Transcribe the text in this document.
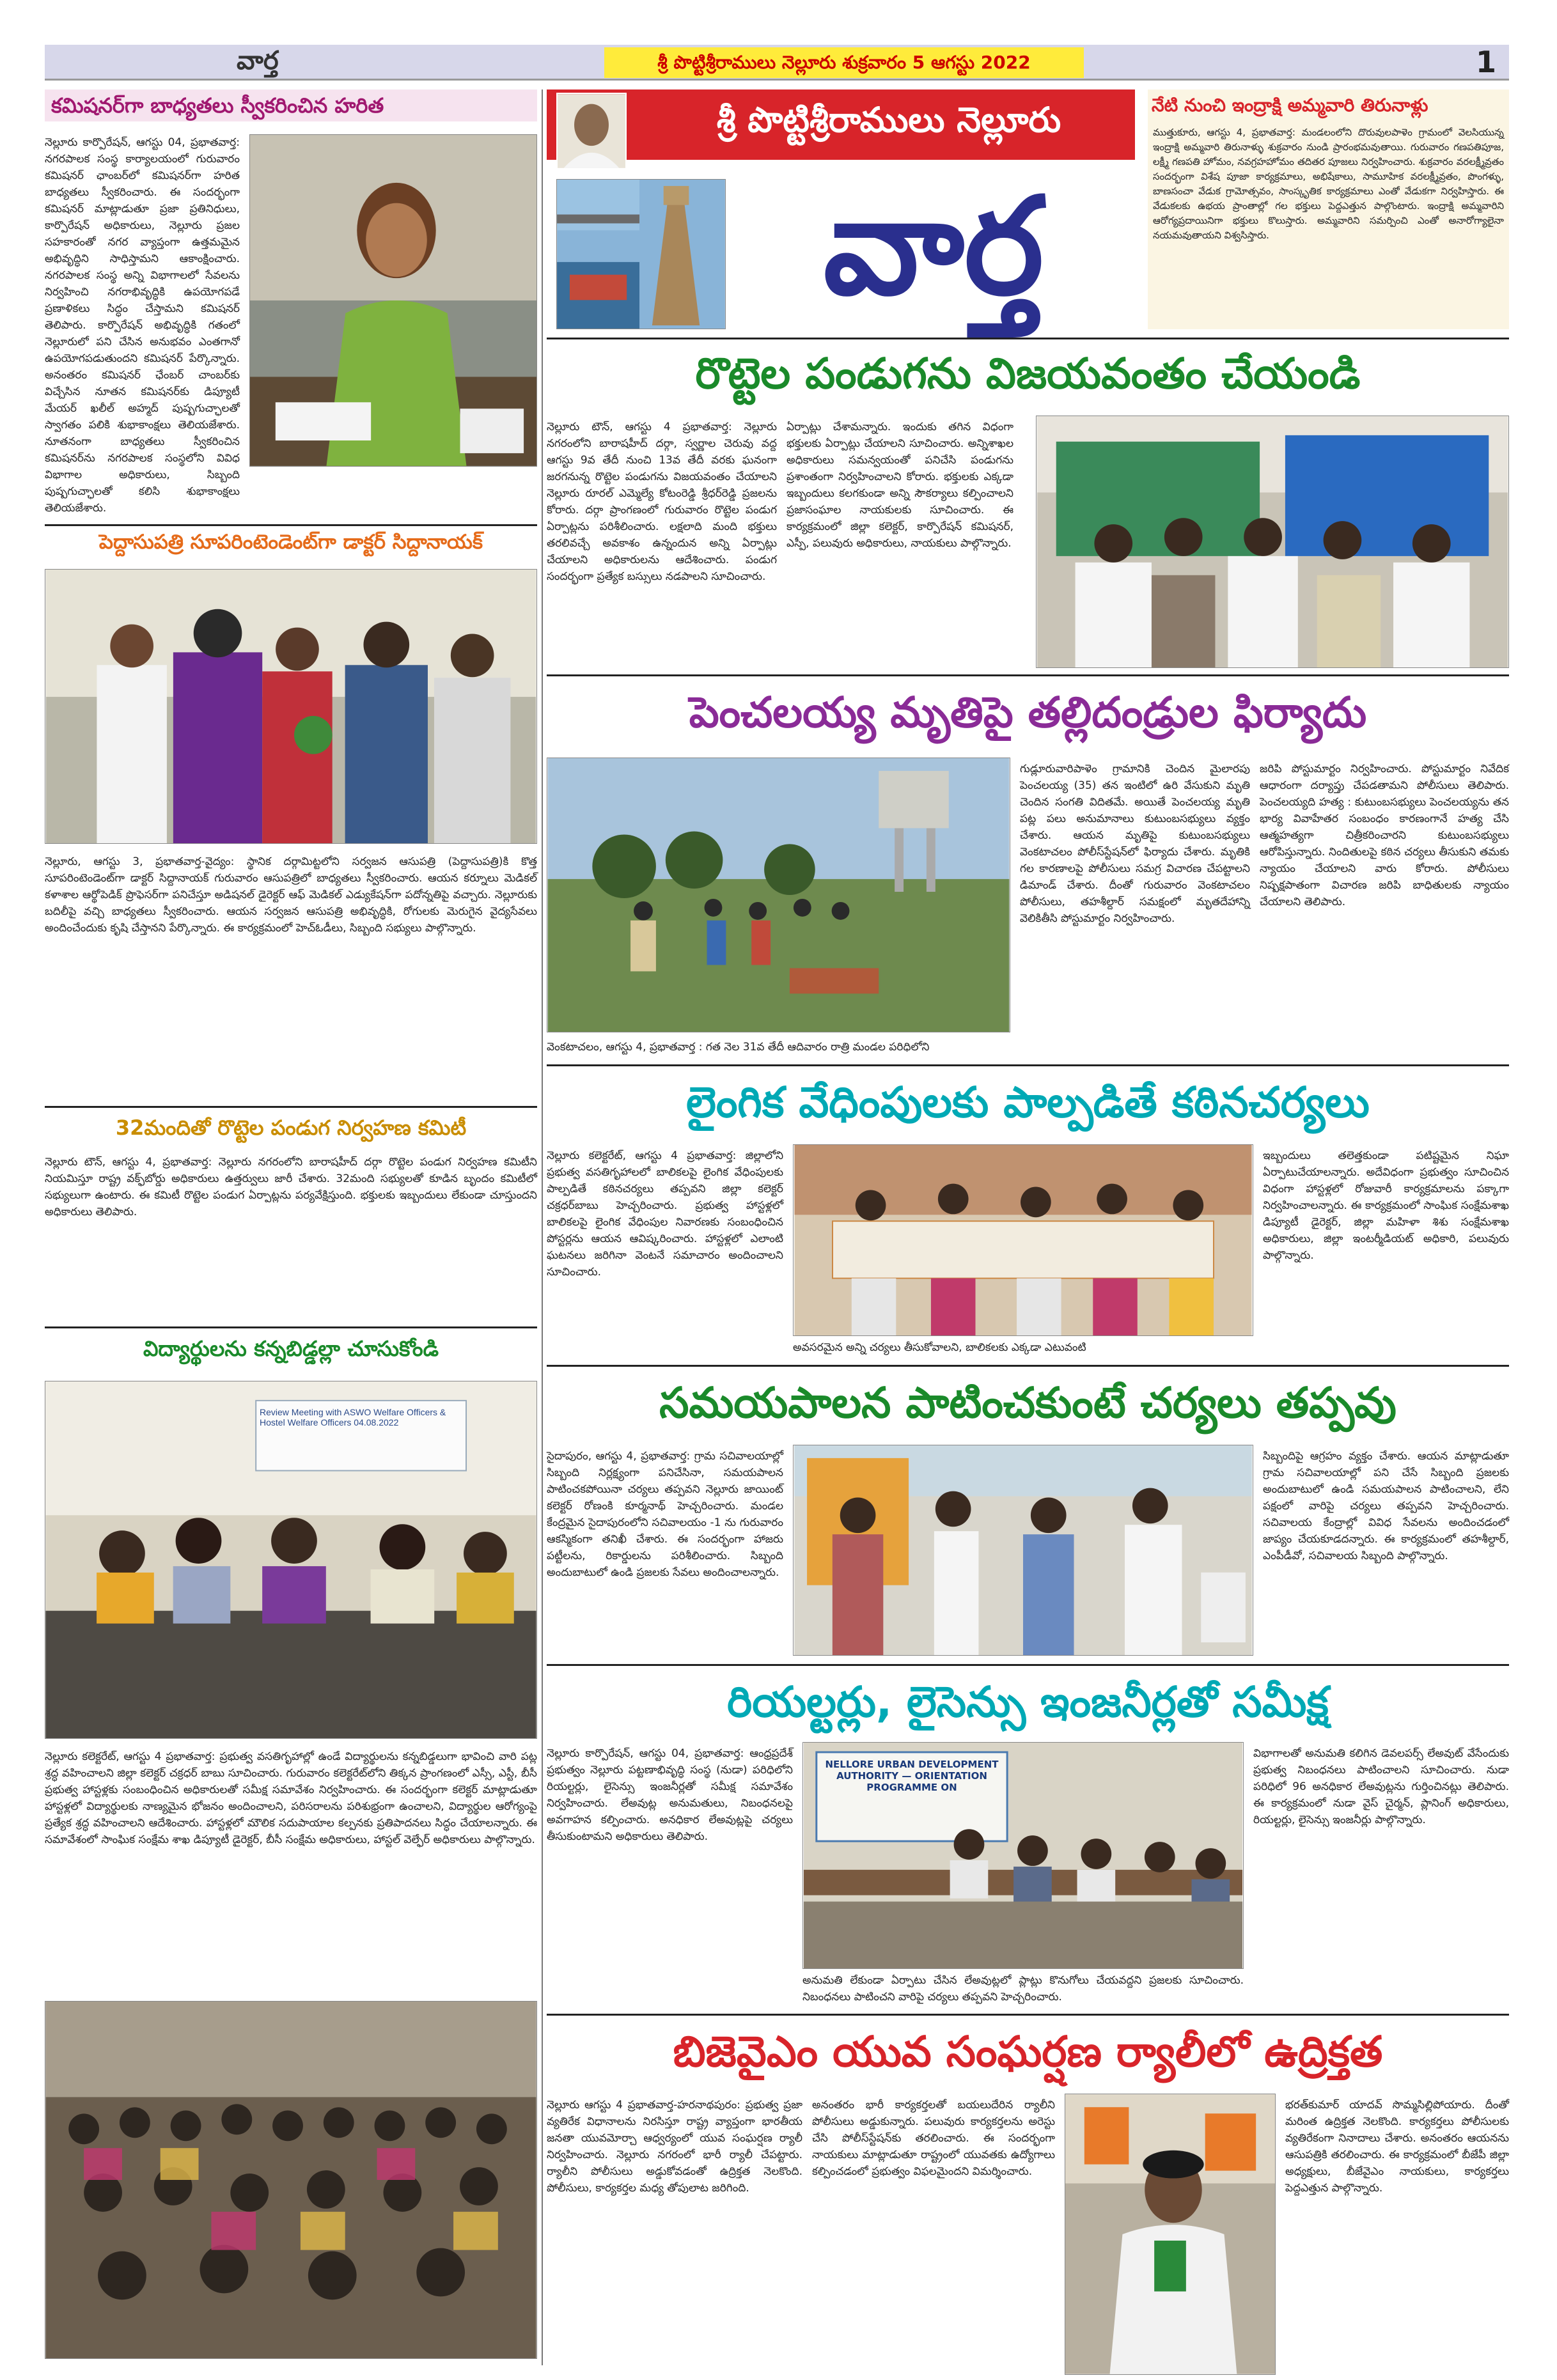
వార్త	శ్రీ పొట్టిశ్రీరాములు నెల్లూరు శుక్రవారం 5 ఆగస్టు 2022	1
కమిషనర్‌గా బాధ్యతలు స్వీకరించిన హరిత
నెల్లూరు కార్పొరేషన్, ఆగస్టు 04, ప్రభాతవార్త: నగరపాలక సంస్థ కార్యాలయంలో గురువారం కమిషనర్‌ ఛాంబర్‌లో కమిషనర్‌గా హరిత బాధ్యతలు స్వీకరించారు. ఈ సందర్భంగా కమిషనర్ మాట్లాడుతూ ప్రజా ప్రతినిధులు, కార్పొరేషన్ అధికారులు, నెల్లూరు ప్రజల సహకారంతో నగర వ్యాప్తంగా ఉత్తమమైన అభివృద్ధిని సాధిస్తామని ఆకాంక్షించారు. నగరపాలక సంస్థ అన్ని విభాగాలలో సేవలను నిర్వహించి నగరాభివృద్ధికి ఉపయోగపడే ప్రణాళికలు సిద్ధం చేస్తామని కమిషనర్ తెలిపారు. కార్పొరేషన్ అభివృద్ధికి గతంలో నెల్లూరులో పని చేసిన అనుభవం ఎంతగానో ఉపయోగపడుతుందని కమిషనర్ పేర్కొన్నారు. అనంతరం కమిషనర్ ఛేంబర్ చాంబర్‌కు విచ్చేసిన నూతన కమిషనర్‌కు డిప్యూటీ మేయర్ ఖలీల్ అహ్మద్ పుష్పగుచ్ఛాలతో స్వాగతం పలికి శుభాకాంక్షలు తెలియజేశారు. నూతనంగా బాధ్యతలు స్వీకరించిన కమిషనర్‌ను నగరపాలక సంస్థలోని వివిధ విభాగాల అధికారులు, సిబ్బంది పుష్పగుచ్ఛాలతో కలిసి శుభాకాంక్షలు తెలియజేశారు.
పెద్దాసుపత్రి సూపరింటెండెంట్‌గా డాక్టర్ సిద్దానాయక్
నెల్లూరు, ఆగస్టు 3, ప్రభాతవార్త-వైద్యం: స్థానిక దర్గామిట్టలోని సర్వజన ఆసుపత్రి (పెద్దాసుపత్రి)కి కొత్త సూపరింటెండెంట్‌గా డాక్టర్ సిద్దానాయక్ గురువారం ఆసుపత్రిలో బాధ్యతలు స్వీకరించారు. ఆయన కర్నూలు మెడికల్ కళాశాల ఆర్థోపెడిక్ ప్రొఫెసర్‌గా పనిచేస్తూ అడిషనల్ డైరెక్టర్ ఆఫ్ మెడికల్ ఎడ్యుకేషన్‌గా పదోన్నతిపై వచ్చారు. నెల్లూరుకు బదిలీపై వచ్చి బాధ్యతలు స్వీకరించారు. ఆయన సర్వజన ఆసుపత్రి అభివృద్ధికి, రోగులకు మెరుగైన వైద్యసేవలు అందించేందుకు కృషి చేస్తానని పేర్కొన్నారు. ఈ కార్యక్రమంలో హెచ్‌ఓడీలు, సిబ్బంది సభ్యులు పాల్గొన్నారు.
32మందితో రొట్టెల పండుగ నిర్వహణ కమిటీ
నెల్లూరు టౌన్, ఆగస్టు 4, ప్రభాతవార్త: నెల్లూరు నగరంలోని బారాషహీద్ దర్గా రొట్టెల పండుగ నిర్వహణ కమిటీని నియమిస్తూ రాష్ట్ర వక్ఫ్‌బోర్డు అధికారులు ఉత్తర్వులు జారీ చేశారు. 32మంది సభ్యులతో కూడిన బృందం కమిటీలో సభ్యులుగా ఉంటారు. ఈ కమిటీ రొట్టెల పండుగ ఏర్పాట్లను పర్యవేక్షిస్తుంది. భక్తులకు ఇబ్బందులు లేకుండా చూస్తుందని అధికారులు తెలిపారు.
విద్యార్థులను కన్నబిడ్డల్లా చూసుకోండి
Review Meeting with ASWO Welfare Officers & Hostel Welfare Officers 04.08.2022
నెల్లూరు కలెక్టరేట్, ఆగస్టు 4 ప్రభాతవార్త: ప్రభుత్వ వసతిగృహాల్లో ఉండే విద్యార్థులను కన్నబిడ్డలుగా భావించి వారి పట్ల శ్రద్ధ వహించాలని జిల్లా కలెక్టర్ చక్రధర్ బాబు సూచించారు. గురువారం కలెక్టరేట్‌లోని తిక్కన ప్రాంగణంలో ఎస్సీ, ఎస్టీ, బీసీ ప్రభుత్వ హాస్టళ్లకు సంబంధించిన అధికారులతో సమీక్ష సమావేశం నిర్వహించారు. ఈ సందర్భంగా కలెక్టర్ మాట్లాడుతూ హాస్టళ్లలో విద్యార్థులకు నాణ్యమైన భోజనం అందించాలని, పరిసరాలను పరిశుభ్రంగా ఉంచాలని, విద్యార్థుల ఆరోగ్యంపై ప్రత్యేక శ్రద్ధ వహించాలని ఆదేశించారు. హాస్టళ్లలో మౌలిక సదుపాయాల కల్పనకు ప్రతిపాదనలు సిద్ధం చేయాలన్నారు. ఈ సమావేశంలో సాంఘిక సంక్షేమ శాఖ డిప్యూటీ డైరెక్టర్, బీసీ సంక్షేమ అధికారులు, హాస్టల్ వెల్ఫేర్ అధికారులు పాల్గొన్నారు.
శ్రీ పొట్టిశ్రీరాములు నెల్లూరు
వార్త
నేటి నుంచి ఇంద్రాక్షి అమ్మవారి తిరునాళ్లు
ముత్తుకూరు, ఆగస్టు 4, ప్రభాతవార్త: మండలంలోని దొరువులపాళెం గ్రామంలో వెలసియున్న ఇంద్రాక్షి అమ్మవారి తిరునాళ్ళు శుక్రవారం నుండి ప్రారంభమవుతాయి. గురువారం గణపతిపూజ, లక్ష్మీ గణపతి హోమం, నవగ్రహహోమం తదితర పూజలు నిర్వహించారు. శుక్రవారం వరలక్ష్మీవ్రతం సందర్భంగా విశేష పూజా కార్యక్రమాలు, అభిషేకాలు, సామూహిక వరలక్ష్మీవ్రతం, పొంగళ్ళు, బాణసంచా వేడుక గ్రామోత్సవం, సాంస్కృతిక కార్యక్రమాలు ఎంతో వేడుకగా నిర్వహిస్తారు. ఈ వేడుకలకు ఉభయ ప్రాంతాల్లో గల భక్తులు పెద్దఎత్తున పాల్గొంటారు. ఇంద్రాక్షి అమ్మవారిని ఆరోగ్యప్రదాయినిగా భక్తులు కొలుస్తారు. అమ్మవారిని సమర్పించి ఎంతో అనారోగ్యాలైనా నయమవుతాయని విశ్వసిస్తారు.
రొట్టెల పండుగను విజయవంతం చేయండి
నెల్లూరు టౌన్, ఆగస్టు 4 ప్రభాతవార్త: నెల్లూరు నగరంలోని బారాషహీద్ దర్గా, స్వర్ణాల చెరువు వద్ద ఆగస్టు 9వ తేదీ నుంచి 13వ తేదీ వరకు ఘనంగా జరగనున్న రొట్టెల పండుగను విజయవంతం చేయాలని నెల్లూరు రూరల్ ఎమ్మెల్యే కోటంరెడ్డి శ్రీధర్‌రెడ్డి ప్రజలను కోరారు. దర్గా ప్రాంగణంలో గురువారం రొట్టెల పండుగ ఏర్పాట్లను పరిశీలించారు. లక్షలాది మంది భక్తులు తరలివచ్చే అవకాశం ఉన్నందున అన్ని ఏర్పాట్లు చేయాలని అధికారులను ఆదేశించారు. పండుగ సందర్భంగా ప్రత్యేక బస్సులు నడపాలని సూచించారు.
ఏర్పాట్లు చేశామన్నారు. ఇందుకు తగిన విధంగా భక్తులకు ఏర్పాట్లు చేయాలని సూచించారు. అన్నిశాఖల అధికారులు సమన్వయంతో పనిచేసి పండుగను ప్రశాంతంగా నిర్వహించాలని కోరారు. భక్తులకు ఎక్కడా ఇబ్బందులు కలగకుండా అన్ని సౌకర్యాలు కల్పించాలని ప్రజాసంఘాల నాయకులకు సూచించారు. ఈ కార్యక్రమంలో జిల్లా కలెక్టర్, కార్పొరేషన్ కమిషనర్, ఎస్పీ, పలువురు అధికారులు, నాయకులు పాల్గొన్నారు.
పెంచలయ్య మృతిపై తల్లిదండ్రుల ఫిర్యాదు
వెంకటాచలం, ఆగస్టు 4, ప్రభాతవార్త : గత నెల 31వ తేదీ ఆదివారం రాత్రి మండల పరిధిలోని
గుడ్లూరువారిపాళెం గ్రామానికి చెందిన మైలారపు పెంచలయ్య (35) తన ఇంటిలో ఉరి వేసుకుని మృతి చెందిన సంగతి విదితమే. అయితే పెంచలయ్య మృతి పట్ల పలు అనుమానాలు కుటుంబసభ్యులు వ్యక్తం చేశారు. ఆయన మృతిపై కుటుంబసభ్యులు వెంకటాచలం పోలీస్‌స్టేషన్‌లో ఫిర్యాదు చేశారు. మృతికి గల కారణాలపై పోలీసులు సమగ్ర విచారణ చేపట్టాలని డిమాండ్ చేశారు. దీంతో గురువారం వెంకటాచలం పోలీసులు, తహశీల్దార్ సమక్షంలో మృతదేహాన్ని వెలికితీసి పోస్టుమార్టం నిర్వహించారు.
జరిపి పోస్టుమార్టం నిర్వహించారు. పోస్టుమార్టం నివేదిక ఆధారంగా దర్యాప్తు చేపడతామని పోలీసులు తెలిపారు. పెంచలయ్యది హత్య : కుటుంబసభ్యులు పెంచలయ్యను తన భార్య వివాహేతర సంబంధం కారణంగానే హత్య చేసి ఆత్మహత్యగా చిత్రీకరించారని కుటుంబసభ్యులు ఆరోపిస్తున్నారు. నిందితులపై కఠిన చర్యలు తీసుకుని తమకు న్యాయం చేయాలని వారు కోరారు. పోలీసులు నిష్పక్షపాతంగా విచారణ జరిపి బాధితులకు న్యాయం చేయాలని తెలిపారు.
లైంగిక వేధింపులకు పాల్పడితే కఠినచర్యలు
నెల్లూరు కలెక్టరేట్, ఆగస్టు 4 ప్రభాతవార్త: జిల్లాలోని ప్రభుత్వ వసతిగృహాలలో బాలికలపై లైంగిక వేధింపులకు పాల్పడితే కఠినచర్యలు తప్పవని జిల్లా కలెక్టర్ చక్రధర్‌బాబు హెచ్చరించారు. ప్రభుత్వ హాస్టళ్లలో బాలికలపై లైంగిక వేధింపుల నివారణకు సంబంధించిన పోస్టర్లను ఆయన ఆవిష్కరించారు. హాస్టళ్లలో ఎలాంటి ఘటనలు జరిగినా వెంటనే సమాచారం అందించాలని సూచించారు.
అవసరమైన అన్ని చర్యలు తీసుకోవాలని, బాలికలకు ఎక్కడా ఎటువంటి
ఇబ్బందులు తలెత్తకుండా పటిష్టమైన నిఘా ఏర్పాటుచేయాలన్నారు. అదేవిధంగా ప్రభుత్వం సూచించిన విధంగా హాస్టళ్లలో రోజువారీ కార్యక్రమాలను పక్కాగా నిర్వహించాలన్నారు. ఈ కార్యక్రమంలో సాంఘిక సంక్షేమశాఖ డిప్యూటీ డైరెక్టర్, జిల్లా మహిళా శిశు సంక్షేమశాఖ అధికారులు, జిల్లా ఇంటర్మీడియట్ అధికారి, పలువురు పాల్గొన్నారు.
సమయపాలన పాటించకుంటే చర్యలు తప్పవు
సైదాపురం, ఆగస్టు 4, ప్రభాతవార్త: గ్రామ సచివాలయాల్లో సిబ్బంది నిర్లక్ష్యంగా పనిచేసినా, సమయపాలన పాటించకపోయినా చర్యలు తప్పవని నెల్లూరు జాయింట్ కలెక్టర్ రోణంకి కూర్మనాథ్ హెచ్చరించారు. మండల కేంద్రమైన సైదాపురంలోని సచివాలయం -1 ను గురువారం ఆకస్మికంగా తనిఖీ చేశారు. ఈ సందర్భంగా హాజరు పట్టీలను, రికార్డులను పరిశీలించారు. సిబ్బంది అందుబాటులో ఉండి ప్రజలకు సేవలు అందించాలన్నారు.
సిబ్బందిపై ఆగ్రహం వ్యక్తం చేశారు. ఆయన మాట్లాడుతూ గ్రామ సచివాలయాల్లో పని చేసే సిబ్బంది ప్రజలకు అందుబాటులో ఉండి సమయపాలన పాటించాలని, లేని పక్షంలో వారిపై చర్యలు తప్పవని హెచ్చరించారు. సచివాలయ కేంద్రాల్లో వివిధ సేవలను అందించడంలో జాప్యం చేయకూడదన్నారు. ఈ కార్యక్రమంలో తహశీల్దార్, ఎంపీడీవో, సచివాలయ సిబ్బంది పాల్గొన్నారు.
రియల్టర్లు, లైసెన్సు ఇంజనీర్లతో సమీక్ష
నెల్లూరు కార్పొరేషన్, ఆగస్టు 04, ప్రభాతవార్త: ఆంధ్రప్రదేశ్ ప్రభుత్వం నెల్లూరు పట్టణాభివృద్ధి సంస్థ (నుడా) పరిధిలోని రియల్టర్లు, లైసెన్సు ఇంజనీర్లతో సమీక్ష సమావేశం నిర్వహించారు. లేఅవుట్ల అనుమతులు, నిబంధనలపై అవగాహన కల్పించారు. అనధికార లేఅవుట్లపై చర్యలు తీసుకుంటామని అధికారులు తెలిపారు.
NELLORE URBAN DEVELOPMENT AUTHORITY — ORIENTATION PROGRAMME ON
అనుమతి లేకుండా ఏర్పాటు చేసిన లేఅవుట్లలో ప్లాట్లు కొనుగోలు చేయవద్దని ప్రజలకు సూచించారు. నిబంధనలు పాటించని వారిపై చర్యలు తప్పవని హెచ్చరించారు.
విభాగాలతో అనుమతి కలిగిన డెవలపర్స్ లేఅవుట్ వేసేందుకు ప్రభుత్వ నిబంధనలు పాటించాలని సూచించారు. నుడా పరిధిలో 96 అనధికార లేఅవుట్లను గుర్తించినట్లు తెలిపారు. ఈ కార్యక్రమంలో నుడా వైస్‌ చైర్మన్, ప్లానింగ్ అధికారులు, రియల్టర్లు, లైసెన్సు ఇంజనీర్లు పాల్గొన్నారు.
బిజెవైఎం యువ సంఘర్షణ ర్యాలీలో ఉద్రిక్తత
నెల్లూరు ఆగస్టు 4 ప్రభాతవార్త-హరనాథపురం: ప్రభుత్వ ప్రజా వ్యతిరేక విధానాలను నిరసిస్తూ రాష్ట్ర వ్యాప్తంగా భారతీయ జనతా యువమోర్చా ఆధ్వర్యంలో యువ సంఘర్షణ ర్యాలీ నిర్వహించారు. నెల్లూరు నగరంలో భారీ ర్యాలీ చేపట్టారు. ర్యాలీని పోలీసులు అడ్డుకోవడంతో ఉద్రిక్తత నెలకొంది. పోలీసులు, కార్యకర్తల మధ్య తోపులాట జరిగింది.
అనంతరం భారీ కార్యకర్తలతో బయలుదేరిన ర్యాలీని పోలీసులు అడ్డుకున్నారు. పలువురు కార్యకర్తలను అరెస్టు చేసి పోలీస్‌స్టేషన్‌కు తరలించారు. ఈ సందర్భంగా నాయకులు మాట్లాడుతూ రాష్ట్రంలో యువతకు ఉద్యోగాలు కల్పించడంలో ప్రభుత్వం విఫలమైందని విమర్శించారు.
భరత్‌కుమార్ యాదవ్ సొమ్మసిల్లిపోయారు. దీంతో మరింత ఉద్రిక్తత నెలకొంది. కార్యకర్తలు పోలీసులకు వ్యతిరేకంగా నినాదాలు చేశారు. అనంతరం ఆయనను ఆసుపత్రికి తరలించారు. ఈ కార్యక్రమంలో బీజేపీ జిల్లా అధ్యక్షులు, బీజేవైఎం నాయకులు, కార్యకర్తలు పెద్దఎత్తున పాల్గొన్నారు.
